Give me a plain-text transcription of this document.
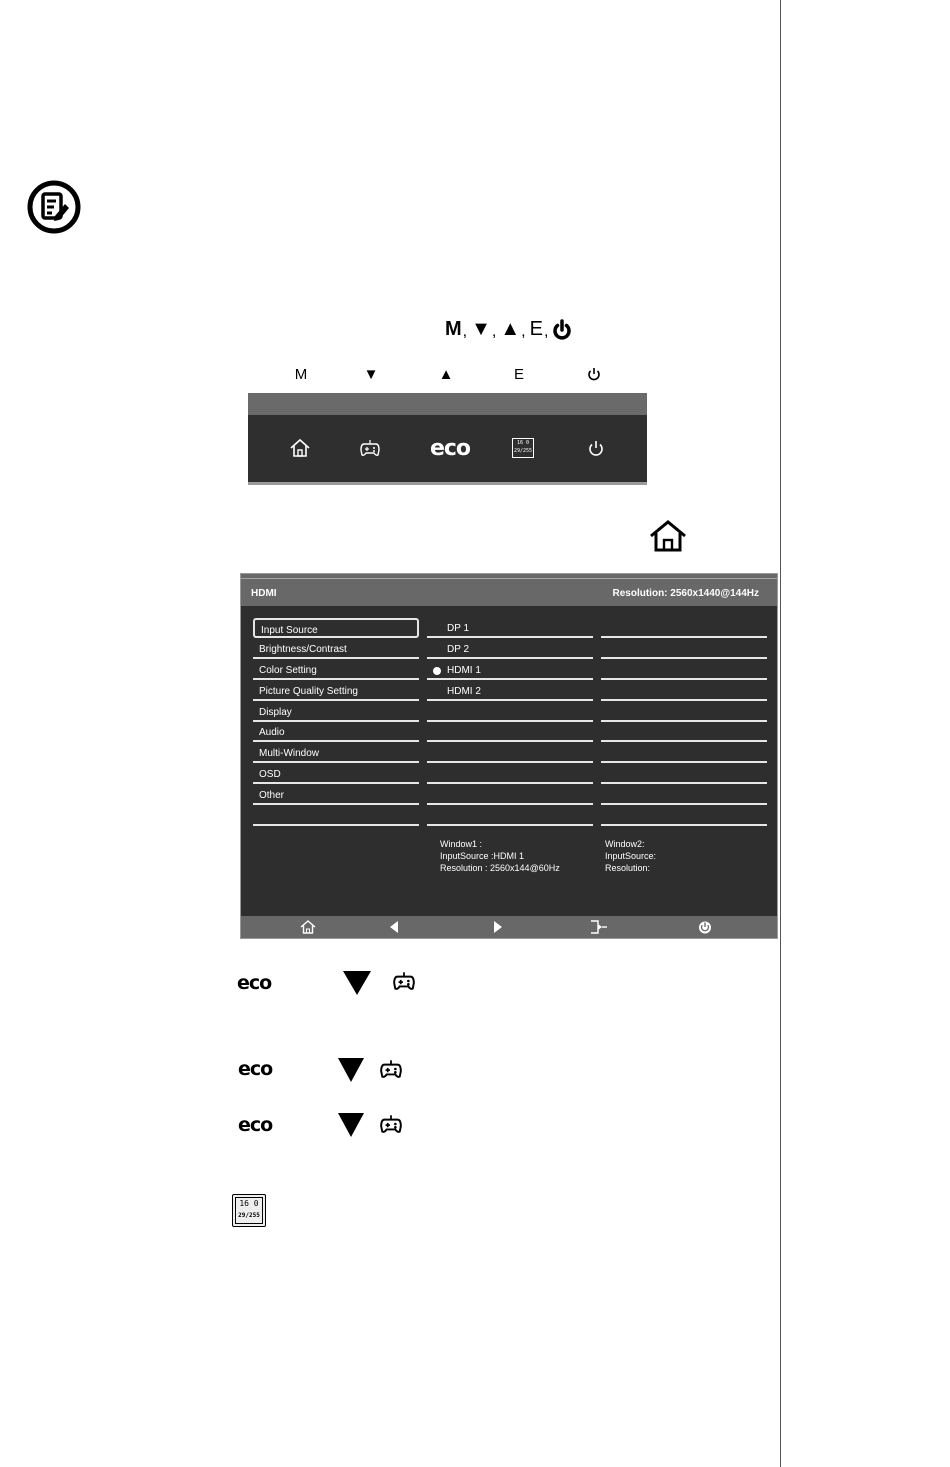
M , ▼ , ▲ , E ,
M	▼	▲	E
eco	16 0
29/255
HDMI	Resolution: 2560x1440@144Hz
Input Source
Brightness/Contrast
Color Setting
Picture Quality Setting
Display
Audio
Multi-Window
OSD
Other
DP 1
DP 2
HDMI 1
HDMI 2
Window1 :
InputSource :HDMI 1
Resolution : 2560x144@60Hz
Window2:
InputSource:
Resolution:
eco
eco
eco
16 0
29/255
